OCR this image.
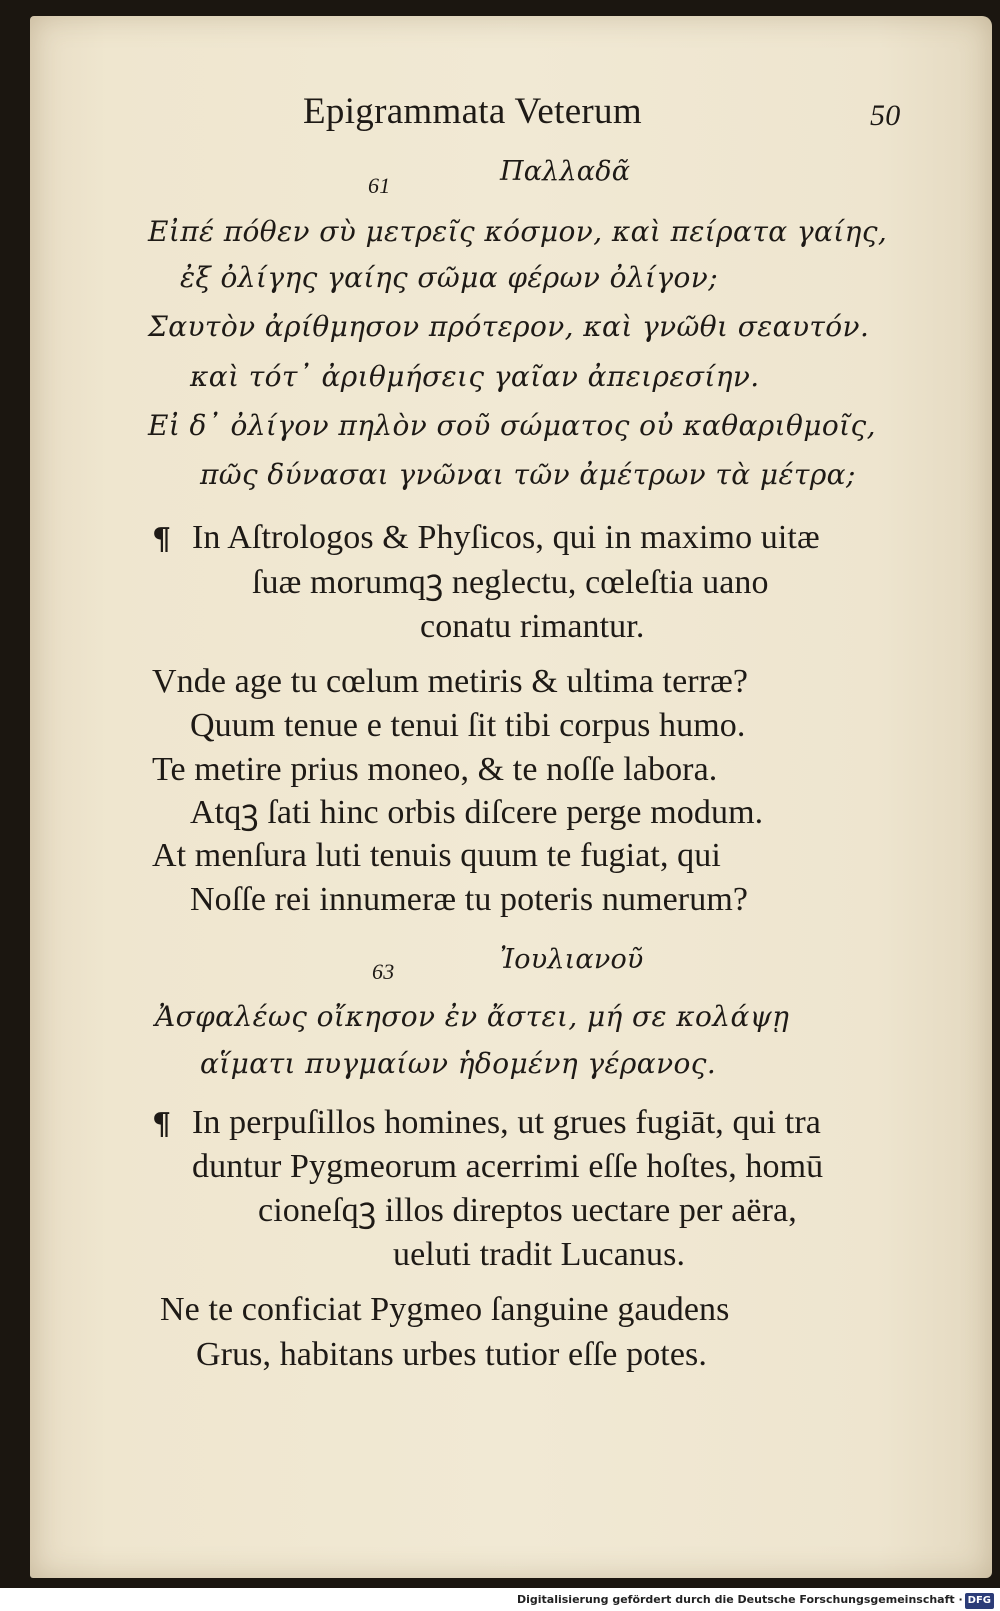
Epigrammata Veterum	50
61	Παλλαδᾶ
Εἰπέ πόθεν σὺ μετρεῖς κόσμον, καὶ πείρατα γαίης,
ἐξ ὀλίγης γαίης σῶμα φέρων ὀλίγον;
Σαυτὸν ἀρίθμησον πρότερον, καὶ γνῶθι σεαυτόν.
καὶ τότ᾽ ἀριθμήσεις γαῖαν ἀπειρεσίην.
Εἰ δ᾽ ὀλίγον πηλὸν σοῦ σώματος οὐ καθαριθμοῖς,
πῶς δύνασαι γνῶναι τῶν ἀμέτρων τὰ μέτρα;
¶ In Aſtrologos & Phyſicos, qui in maximo uitæ
ſuæ morumqꝫ neglectu, cœleſtia uano
conatu rimantur.
Vnde age tu cœlum metiris & ultima terræ?
Quum tenue e tenui ſit tibi corpus humo.
Te metire prius moneo, & te noſſe labora.
Atqꝫ ſati hinc orbis diſcere perge modum.
At menſura luti tenuis quum te fugiat, qui
Noſſe rei innumeræ tu poteris numerum?
63	Ἰουλιανοῦ
Ἀσφαλέως οἴκησον ἐν ἄστει, μή σε κολάψῃ
αἵματι πυγμαίων ἡδομένη γέρανος.
¶ In perpuſillos homines, ut grues fugiāt, qui tra
duntur Pygmeorum acerrimi eſſe hoſtes, homū
cioneſqꝫ illos direptos uectare per aëra,
ueluti tradit Lucanus.
Ne te conficiat Pygmeo ſanguine gaudens
Grus, habitans urbes tutior eſſe potes.
Digitalisierung gefördert durch die Deutsche Forschungsgemeinschaft · DFG
